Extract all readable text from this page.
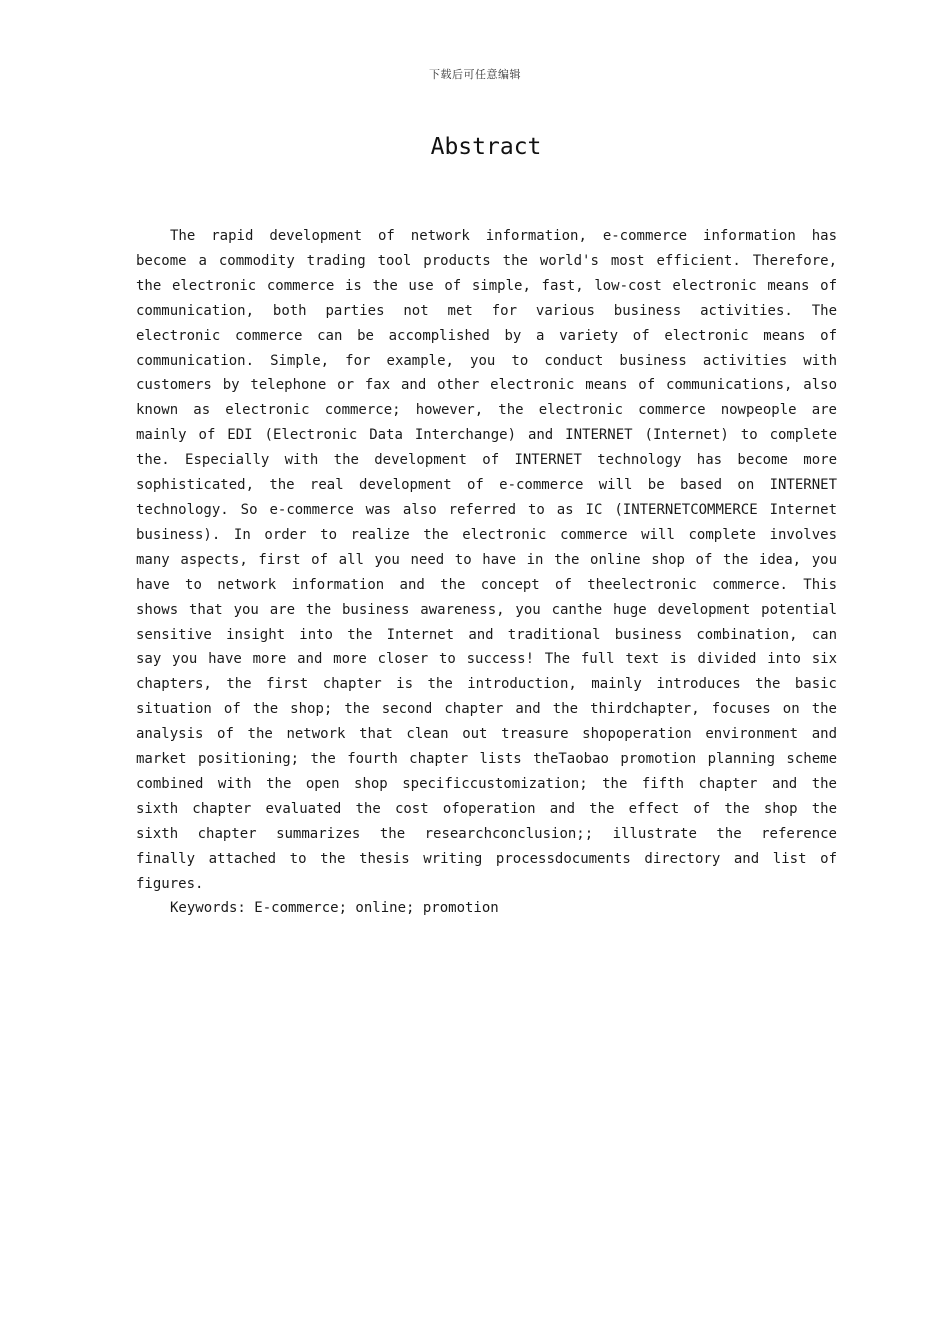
下载后可任意编辑
Abstract

The rapid development of network information, e-commerce information has become a commodity trading tool products the world's most efficient. Therefore, the electronic commerce is the use of simple, fast, low-cost electronic means of communication, both parties not met for various business activities. The electronic commerce can be accomplished by a variety of electronic means of communication. Simple, for example, you to conduct business activities with customers by telephone or fax and other electronic means of communications, also known as electronic commerce; however, the electronic commerce nowpeople are mainly of EDI (Electronic Data Interchange) and INTERNET (Internet) to complete the. Especially with the development of INTERNET technology has become more sophisticated, the real development of e-commerce will be based on INTERNET technology. So e-commerce was also referred to as IC (INTERNETCOMMERCE Internet business). In order to realize the electronic commerce will complete involves many aspects, first of all you need to have in the online shop of the idea, you have to network information and the concept of theelectronic commerce. This shows that you are the business awareness, you canthe huge development potential sensitive insight into the Internet and traditional business combination, can say you have more and more closer to success! The full text is divided into six chapters, the first chapter is the introduction, mainly introduces the basic situation of the shop; the second chapter and the thirdchapter, focuses on the analysis of the network that clean out treasure shopoperation environment and market positioning; the fourth chapter lists theTaobao promotion planning scheme combined with the open shop specificcustomization; the fifth chapter and the sixth chapter evaluated the cost ofoperation and the effect of the shop the sixth chapter summarizes the researchconclusion;; illustrate the reference finally attached to the thesis writing processdocuments directory and list of figures.

Keywords: E-commerce; online; promotion
